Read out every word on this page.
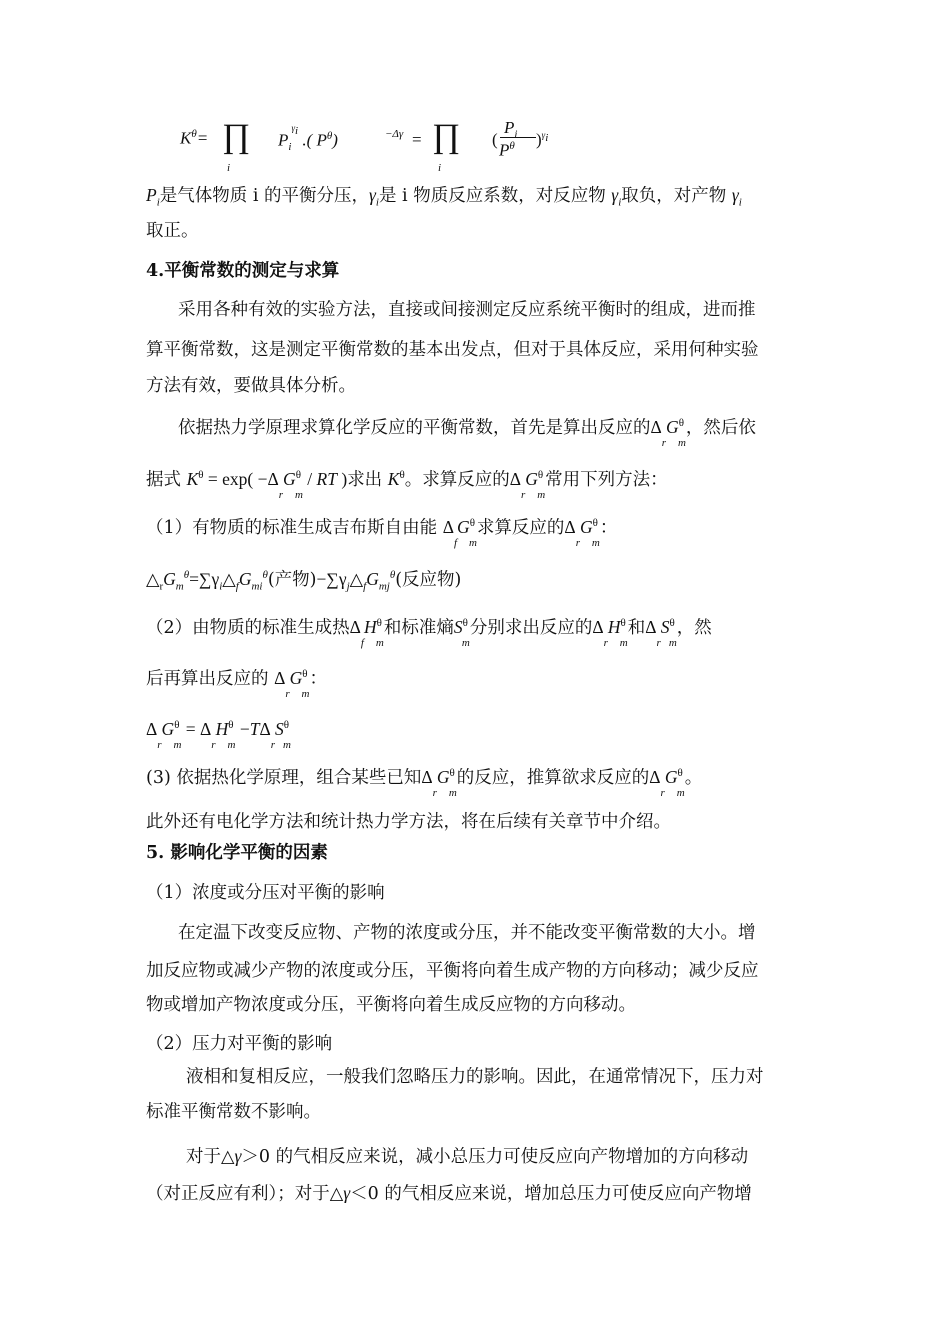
$K^\theta=$ ∏
i
$P_i^{\gamma_i}$ .( $P^\theta$)	−Δγ = ∏
i
(
$P_i$
$P^\theta$ )$^{\gamma_i}$
$P_i$是气体物质 i 的平衡分压，$\gamma_i$是 i 物质反应系数，对反应物 $\gamma_i$取负，对产物 $\gamma_i$
取正。
4.平衡常数的测定与求算
采用各种有效的实验方法，直接或间接测定反应系统平衡时的组成，进而推
算平衡常数，这是测定平衡常数的基本出发点，但对于具体反应，采用何种实验
方法有效，要做具体分析。
依据热力学原理求算化学反应的平衡常数，首先是算出反应的$\Delta_rG^\theta_m$，然后依
据式 $K^\theta = \exp( -\Delta_rG^\theta_m$ / RT )求出 $K^\theta$。求算反应的$\Delta_rG^\theta_m$常用下列方法：
（1）有物质的标准生成吉布斯自由能 $\Delta_fG^\theta_m$求算反应的$\Delta_rG^\theta_m$：
$\triangle_rG_m^\theta=\sum\gamma_i\triangle_fG_{mi}^\theta$(产物)$-\sum\gamma_j\triangle_fG_{mj}^\theta$(反应物)
（2）由物质的标准生成热$\Delta_fH^\theta_m$和标准熵$S^\theta_m$分别求出反应的$\Delta_rH^\theta_m$和$\Delta_rS^\theta_m$，然
后再算出反应的 $\Delta_rG^\theta_m$：
$\Delta_rG^\theta_m = \Delta_rH^\theta_m -T\Delta_rS^\theta_m$
(3) 依据热化学原理，组合某些已知$\Delta_rG^\theta_m$的反应，推算欲求反应的$\Delta_rG^\theta_m$。
此外还有电化学方法和统计热力学方法，将在后续有关章节中介绍。
5. 影响化学平衡的因素
（1）浓度或分压对平衡的影响
在定温下改变反应物、产物的浓度或分压，并不能改变平衡常数的大小。增
加反应物或减少产物的浓度或分压，平衡将向着生成产物的方向移动；减少反应
物或增加产物浓度或分压，平衡将向着生成反应物的方向移动。
（2）压力对平衡的影响
液相和复相反应，一般我们忽略压力的影响。因此，在通常情况下，压力对
标准平衡常数不影响。
对于△γ＞0 的气相反应来说，减小总压力可使反应向产物增加的方向移动
（对正反应有利）；对于△γ＜0 的气相反应来说，增加总压力可使反应向产物增
